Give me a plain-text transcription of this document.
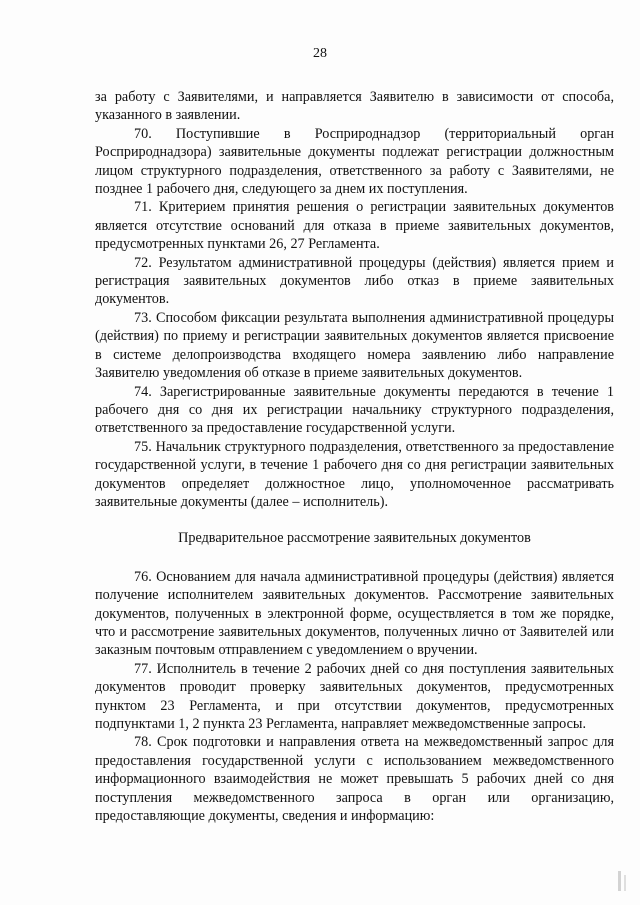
28

за работу с Заявителями, и направляется Заявителю в зависимости от способа, указанного в заявлении.

70. Поступившие в Росприроднадзор (территориальный орган Росприроднадзора) заявительные документы подлежат регистрации должностным лицом структурного подразделения, ответственного за работу с Заявителями, не позднее 1 рабочего дня, следующего за днем их поступления.

71. Критерием принятия решения о регистрации заявительных документов является отсутствие оснований для отказа в приеме заявительных документов, предусмотренных пунктами 26, 27 Регламента.

72. Результатом административной процедуры (действия) является прием и регистрация заявительных документов либо отказ в приеме заявительных документов.

73. Способом фиксации результата выполнения административной процедуры (действия) по приему и регистрации заявительных документов является присвоение в системе делопроизводства входящего номера заявлению либо направление Заявителю уведомления об отказе в приеме заявительных документов.

74. Зарегистрированные заявительные документы передаются в течение 1 рабочего дня со дня их регистрации начальнику структурного подразделения, ответственного за предоставление государственной услуги.

75. Начальник структурного подразделения, ответственного за предоставление государственной услуги, в течение 1 рабочего дня со дня регистрации заявительных документов определяет должностное лицо, уполномоченное рассматривать заявительные документы (далее – исполнитель).

Предварительное рассмотрение заявительных документов

76. Основанием для начала административной процедуры (действия) является получение исполнителем заявительных документов. Рассмотрение заявительных документов, полученных в электронной форме, осуществляется в том же порядке, что и рассмотрение заявительных документов, полученных лично от Заявителей или заказным почтовым отправлением с уведомлением о вручении.

77. Исполнитель в течение 2 рабочих дней со дня поступления заявительных документов проводит проверку заявительных документов, предусмотренных пунктом 23 Регламента, и при отсутствии документов, предусмотренных подпунктами 1, 2 пункта 23 Регламента, направляет межведомственные запросы.

78. Срок подготовки и направления ответа на межведомственный запрос для предоставления государственной услуги с использованием межведомственного информационного взаимодействия не может превышать 5 рабочих дней со дня поступления межведомственного запроса в орган или организацию, предоставляющие документы, сведения и информацию:
